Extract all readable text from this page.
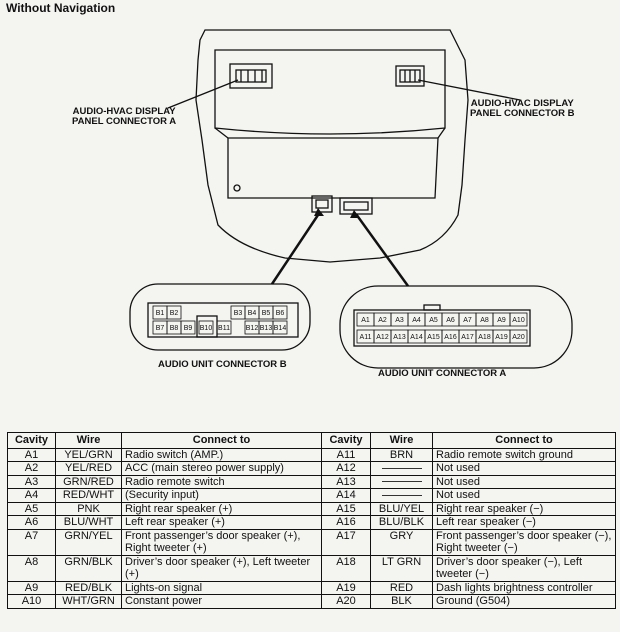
Without Navigation
B1 B2	B3 B4 B5 B6
B7 B8 B9 B10 B11 B12 B13 B14
A1 A2 A3 A4 A5 A6 A7 A8 A9 A10
A11 A12 A13 A14 A15 A16 A17 A18 A19 A20
AUDIO-HVAC DISPLAY
PANEL CONNECTOR A
AUDIO-HVAC DISPLAY
PANEL CONNECTOR B
AUDIO UNIT CONNECTOR B
AUDIO UNIT CONNECTOR A
Cavity	Wire	Connect to	Cavity	Wire	Connect to
A1	YEL/GRN	Radio switch (AMP.)	A11	BRN	Radio remote switch ground
A2	YEL/RED	ACC (main stereo power supply)	A12		Not used
A3	GRN/RED	Radio remote switch	A13		Not used
A4	RED/WHT	(Security input)	A14		Not used
A5	PNK	Right rear speaker (+)	A15	BLU/YEL	Right rear speaker (−)
A6	BLU/WHT	Left rear speaker (+)	A16	BLU/BLK	Left rear speaker (−)
A7	GRN/YEL	Front passenger’s door speaker (+), Right tweeter (+)	A17	GRY	Front passenger’s door speaker (−), Right tweeter (−)
A8	GRN/BLK	Driver’s door speaker (+), Left tweeter (+)	A18	LT GRN	Driver’s door speaker (−), Left tweeter (−)
A9	RED/BLK	Lights-on signal	A19	RED	Dash lights brightness controller
A10	WHT/GRN	Constant power	A20	BLK	Ground (G504)
